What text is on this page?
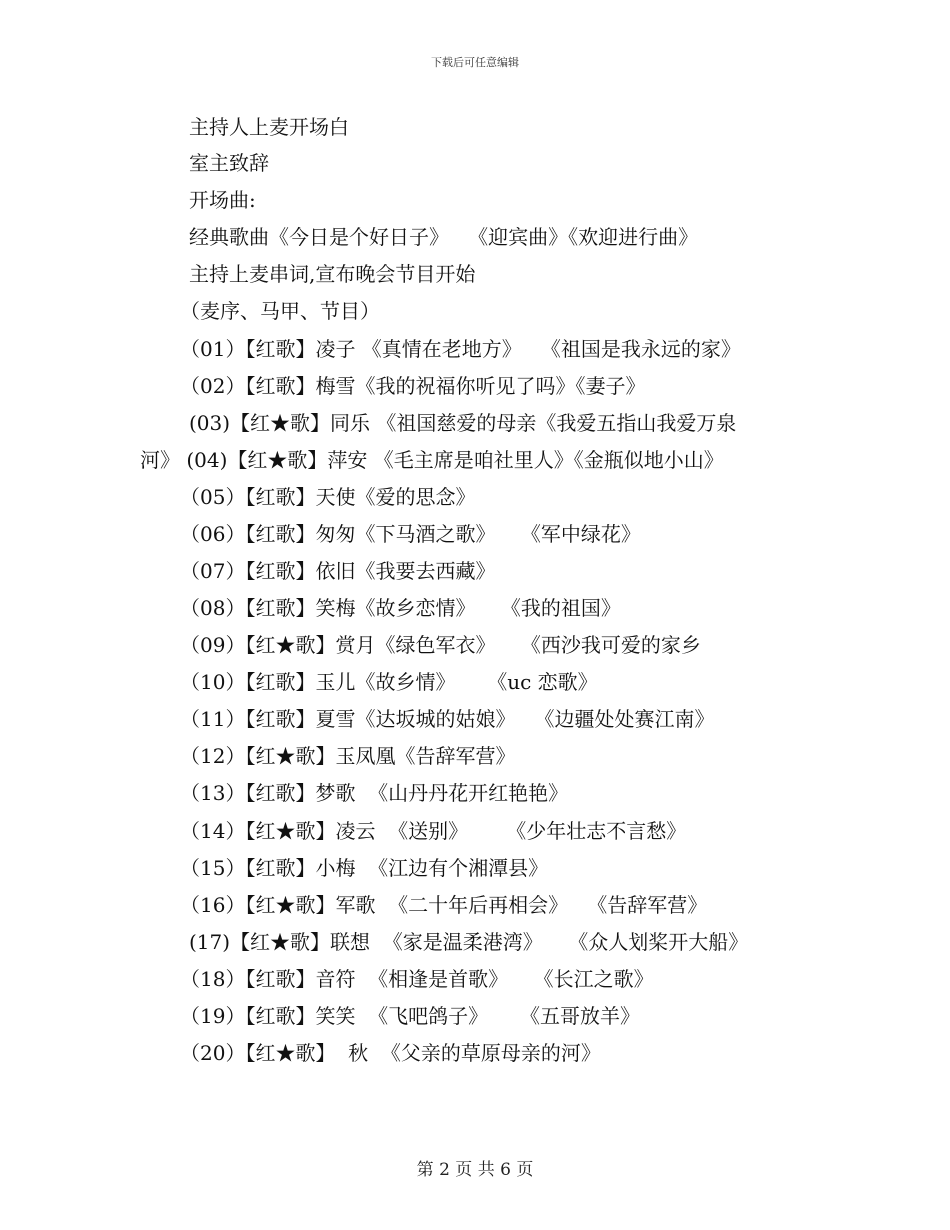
下载后可任意编辑
主持人上麦开场白
室主致辞
开场曲:
经典歌曲《今日是个好日子》   《迎宾曲》《欢迎进行曲》
主持上麦串词,宣布晚会节目开始
（麦序、马甲、节目）
（01）【红歌】凌子 《真情在老地方》   《祖国是我永远的家》
（02）【红歌】梅雪《我的祝福你听见了吗》《妻子》
(03)【红★歌】同乐 《祖国慈爱的母亲《我爱五指山我爱万泉
河》 (04)【红★歌】萍安 《毛主席是咱社里人》《金瓶似地小山》
（05）【红歌】天使《爱的思念》
（06）【红歌】匆匆《下马酒之歌》    《军中绿花》
（07）【红歌】依旧《我要去西藏》
（08）【红歌】笑梅《故乡恋情》    《我的祖国》
（09）【红★歌】赏月《绿色军衣》    《西沙我可爱的家乡
（10）【红歌】玉儿《故乡情》     《uc 恋歌》
（11）【红歌】夏雪《达坂城的姑娘》   《边疆处处赛江南》
（12）【红★歌】玉凤凰《告辞军营》
（13）【红歌】梦歌  《山丹丹花开红艳艳》
（14）【红★歌】凌云  《送别》      《少年壮志不言愁》
（15）【红歌】小梅  《江边有个湘潭县》
（16）【红★歌】军歌  《二十年后再相会》   《告辞军营》
(17)【红★歌】联想  《家是温柔港湾》    《众人划桨开大船》
（18）【红歌】音符  《相逢是首歌》    《长江之歌》
（19）【红歌】笑笑  《飞吧鸽子》     《五哥放羊》
（20）【红★歌】  秋  《父亲的草原母亲的河》
第 2 页 共 6 页
